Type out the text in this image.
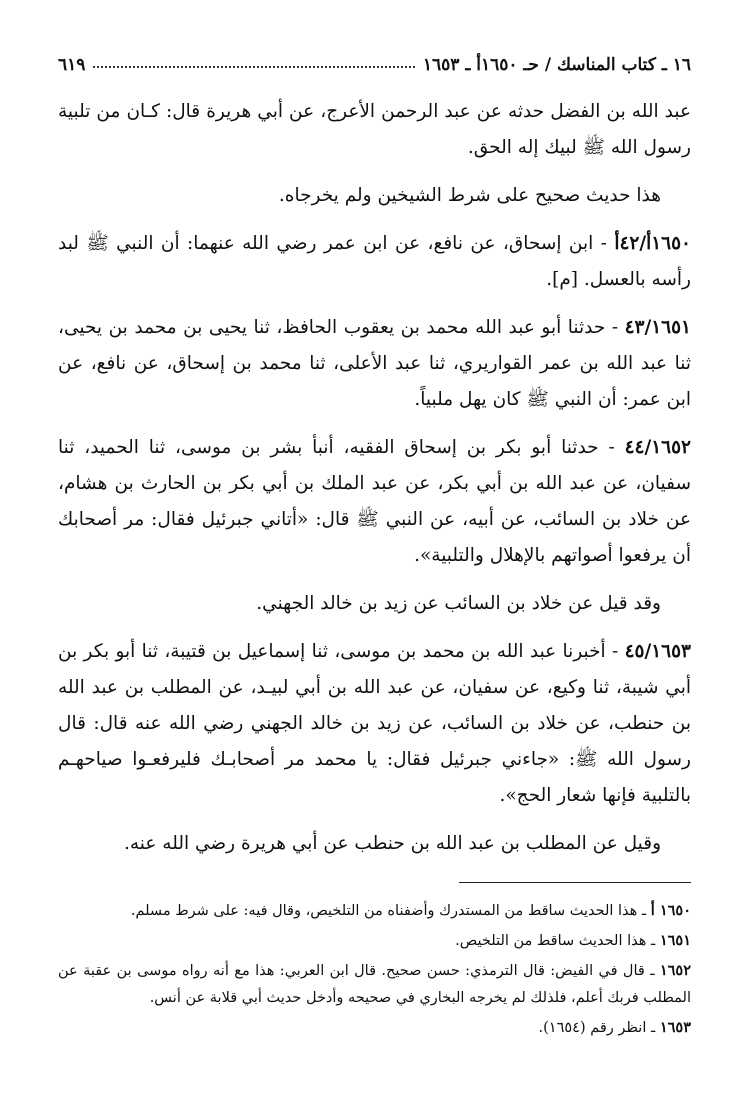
١٦ ـ كتاب المناسك / حـ ١٦٥٠أ ـ ١٦٥٣
٦١٩

عبد الله بن الفضل حدثه عن عبد الرحمن الأعرج، عن أبي هريرة قال: كـان من تلبية رسول الله ﷺ لبيك إله الحق.

هذا حديث صحيح على شرط الشيخين ولم يخرجاه.

١٦٥٠أ/٤٢أ - ابن إسحاق، عن نافع، عن ابن عمر رضي الله عنهما: أن النبي ﷺ لبد رأسه بالعسل. [م].

٤٣/١٦٥١ - حدثنا أبو عبد الله محمد بن يعقوب الحافظ، ثنا يحيى بن محمد بن يحيى، ثنا عبد الله بن عمر القواريري، ثنا عبد الأعلى، ثنا محمد بن إسحاق، عن نافع، عن ابن عمر: أن النبي ﷺ كان يهل ملبياً.

٤٤/١٦٥٢ - حدثنا أبو بكر بن إسحاق الفقيه، أنبأ بشر بن موسى، ثنا الحميد، ثنا سفيان، عن عبد الله بن أبي بكر، عن عبد الملك بن أبي بكر بن الحارث بن هشام، عن خلاد بن السائب، عن أبيه، عن النبي ﷺ قال: «أتاني جبرئيل فقال: مر أصحابك أن يرفعوا أصواتهم بالإهلال والتلبية».

وقد قيل عن خلاد بن السائب عن زيد بن خالد الجهني.

٤٥/١٦٥٣ - أخبرنا عبد الله بن محمد بن موسى، ثنا إسماعيل بن قتيبة، ثنا أبو بكر بن أبي شيبة، ثنا وكيع، عن سفيان، عن عبد الله بن أبي لبيـد، عن المطلب بن عبد الله بن حنطب، عن خلاد بن السائب، عن زيد بن خالد الجهني رضي الله عنه قال: قال رسول الله ﷺ: «جاءني جبرئيل فقال: يا محمد مر أصحابـك فليرفعـوا صياحهـم بالتلبية فإنها شعار الحج».

وقيل عن المطلب بن عبد الله بن حنطب عن أبي هريرة رضي الله عنه.

١٦٥٠ أ ـ هذا الحديث ساقط من المستدرك وأضفناه من التلخيص، وقال فيه: على شرط مسلم.
١٦٥١ ـ هذا الحديث ساقط من التلخيص.
١٦٥٢ ـ قال في الفيض: قال الترمذي: حسن صحيح. قال ابن العربي: هذا مع أنه رواه موسى بن عقبة عن المطلب فربك أعلم، فلذلك لم يخرجه البخاري في صحيحه وأدخل حديث أبي قلابة عن أنس.
١٦٥٣ ـ انظر رقم (١٦٥٤).
